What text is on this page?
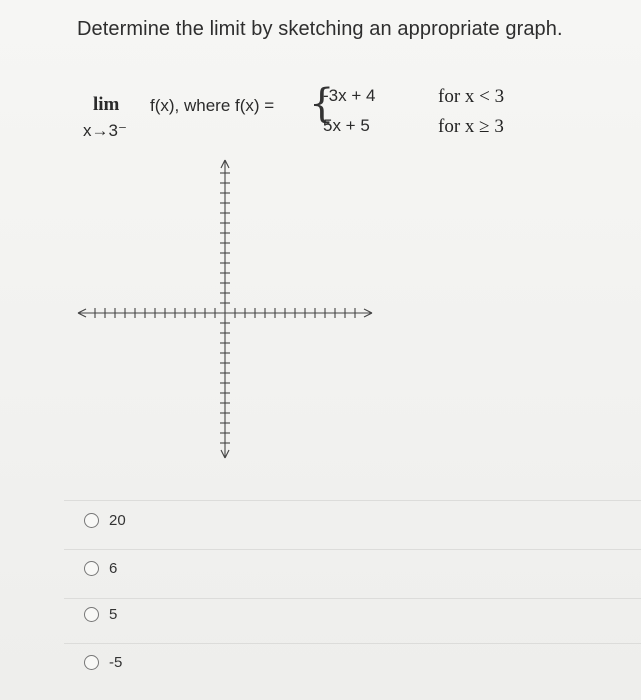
Determine the limit by sketching an appropriate graph.
lim
x→3⁻
f(x), where f(x) = {
-3x + 4
5x + 5
for x < 3
for x ≥ 3
20
6
5
-5
